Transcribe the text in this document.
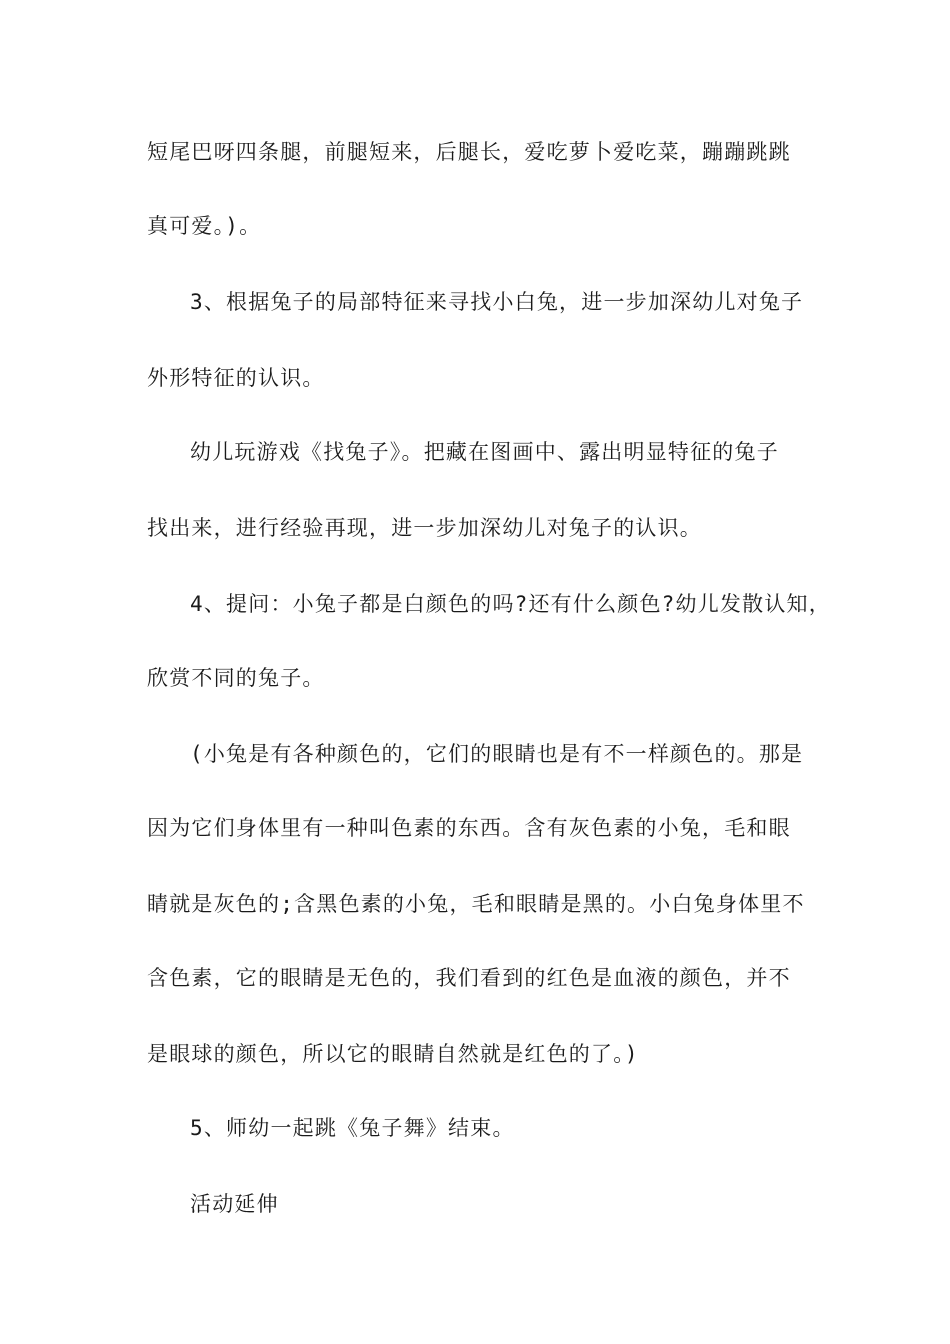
短尾巴呀四条腿，前腿短来，后腿长，爱吃萝卜爱吃菜，蹦蹦跳跳
真可爱。)。
3、根据兔子的局部特征来寻找小白兔，进一步加深幼儿对兔子
外形特征的认识。
幼儿玩游戏《找兔子》。把藏在图画中、露出明显特征的兔子
找出来，进行经验再现，进一步加深幼儿对兔子的认识。
4、提问：小兔子都是白颜色的吗?还有什么颜色?幼儿发散认知，
欣赏不同的兔子。
(小兔是有各种颜色的，它们的眼睛也是有不一样颜色的。那是
因为它们身体里有一种叫色素的东西。含有灰色素的小兔，毛和眼
睛就是灰色的;含黑色素的小兔，毛和眼睛是黑的。小白兔身体里不
含色素，它的眼睛是无色的，我们看到的红色是血液的颜色，并不
是眼球的颜色，所以它的眼睛自然就是红色的了。)
5、师幼一起跳《兔子舞》结束。
活动延伸
